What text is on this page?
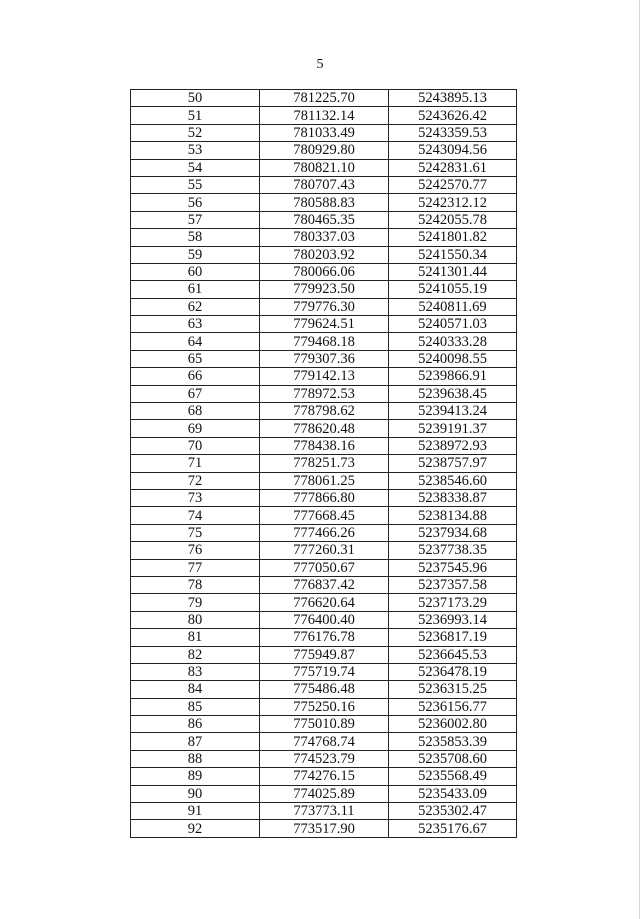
5
50	781225.70	5243895.13
51	781132.14	5243626.42
52	781033.49	5243359.53
53	780929.80	5243094.56
54	780821.10	5242831.61
55	780707.43	5242570.77
56	780588.83	5242312.12
57	780465.35	5242055.78
58	780337.03	5241801.82
59	780203.92	5241550.34
60	780066.06	5241301.44
61	779923.50	5241055.19
62	779776.30	5240811.69
63	779624.51	5240571.03
64	779468.18	5240333.28
65	779307.36	5240098.55
66	779142.13	5239866.91
67	778972.53	5239638.45
68	778798.62	5239413.24
69	778620.48	5239191.37
70	778438.16	5238972.93
71	778251.73	5238757.97
72	778061.25	5238546.60
73	777866.80	5238338.87
74	777668.45	5238134.88
75	777466.26	5237934.68
76	777260.31	5237738.35
77	777050.67	5237545.96
78	776837.42	5237357.58
79	776620.64	5237173.29
80	776400.40	5236993.14
81	776176.78	5236817.19
82	775949.87	5236645.53
83	775719.74	5236478.19
84	775486.48	5236315.25
85	775250.16	5236156.77
86	775010.89	5236002.80
87	774768.74	5235853.39
88	774523.79	5235708.60
89	774276.15	5235568.49
90	774025.89	5235433.09
91	773773.11	5235302.47
92	773517.90	5235176.67
